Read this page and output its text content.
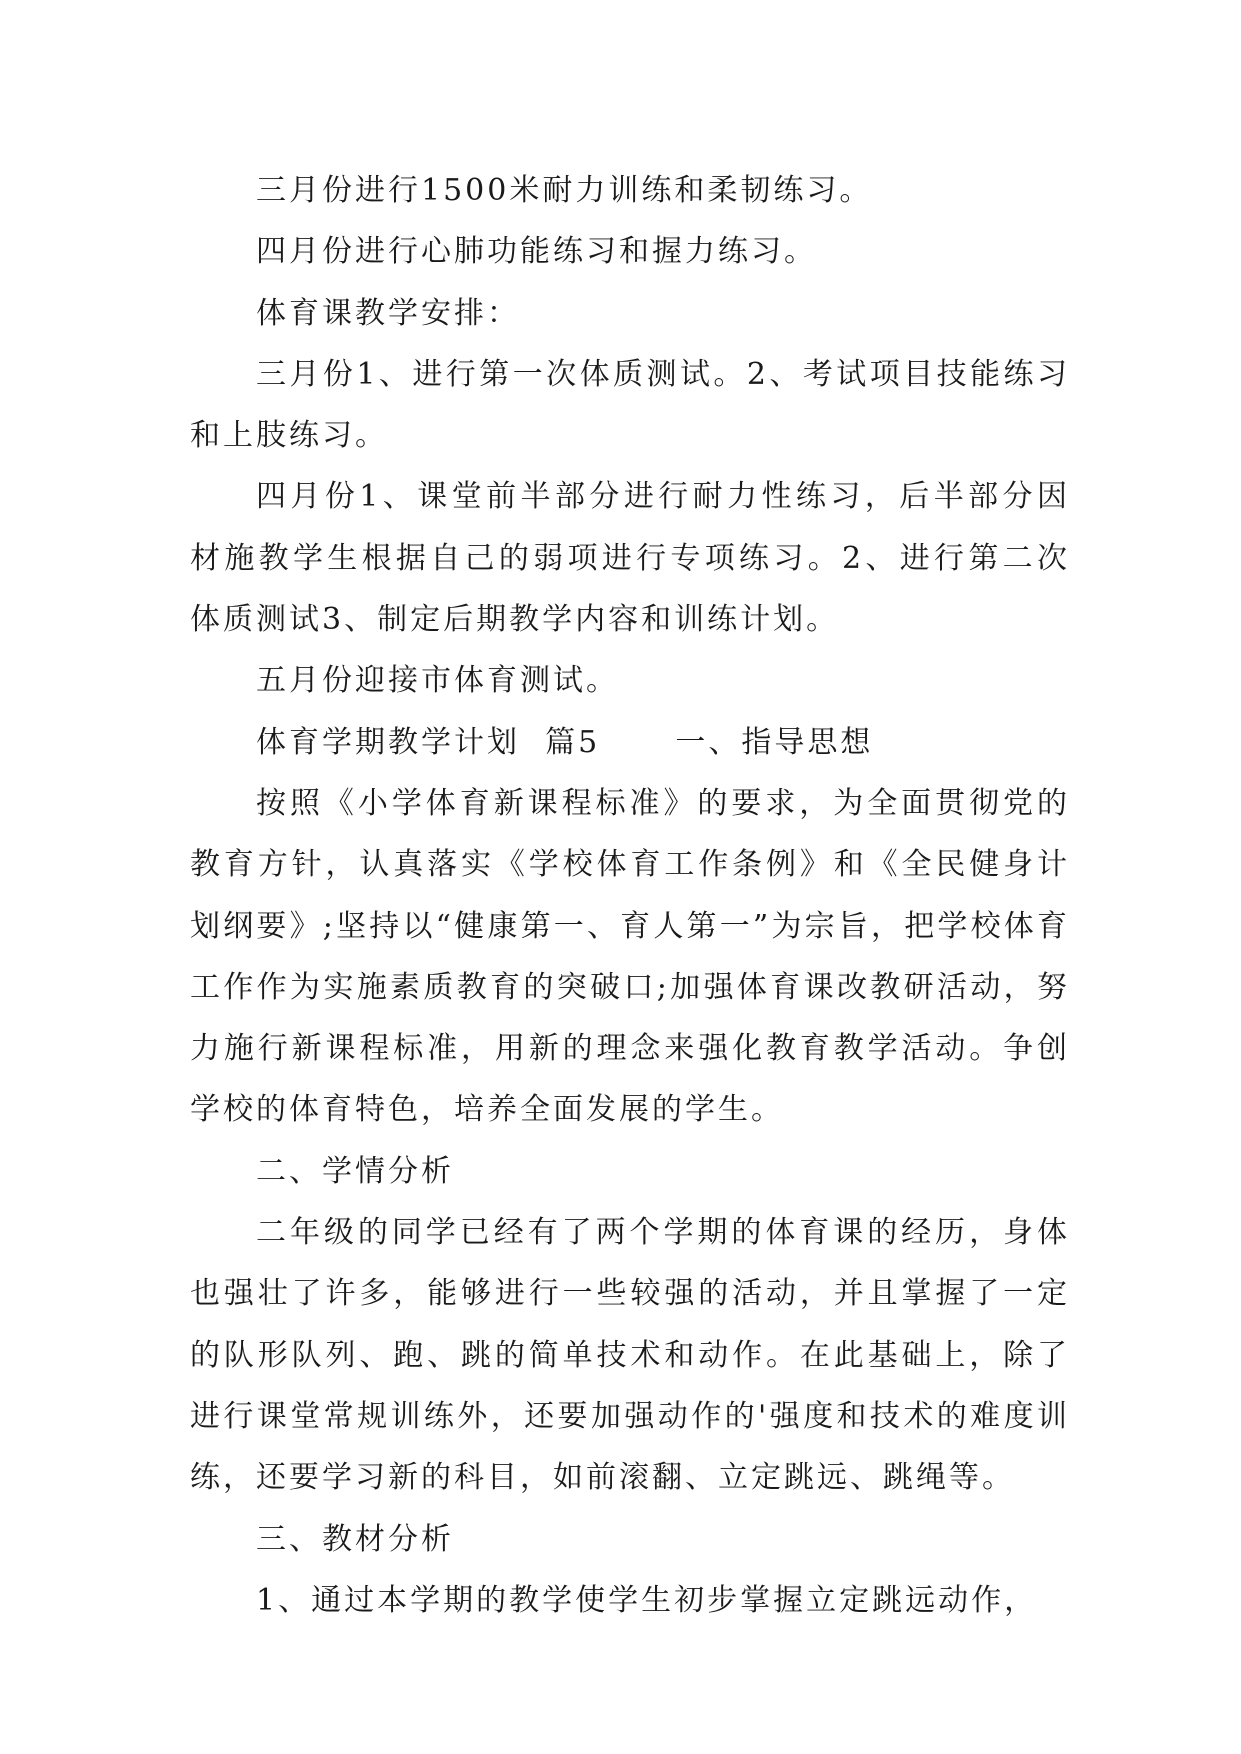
三月份进行1500米耐力训练和柔韧练习。

四月份进行心肺功能练习和握力练习。

体育课教学安排：

三月份1、进行第一次体质测试。2、考试项目技能练习和上肢练习。

四月份1、课堂前半部分进行耐力性练习，后半部分因材施教学生根据自己的弱项进行专项练习。2、进行第二次体质测试3、制定后期教学内容和训练计划。

五月份迎接市体育测试。

体育学期教学计划  篇5      一、指导思想

按照《小学体育新课程标准》的要求，为全面贯彻党的教育方针，认真落实《学校体育工作条例》和《全民健身计划纲要》;坚持以“健康第一、育人第一”为宗旨，把学校体育工作作为实施素质教育的突破口;加强体育课改教研活动，努力施行新课程标准，用新的理念来强化教育教学活动。争创学校的体育特色，培养全面发展的学生。

二、学情分析

二年级的同学已经有了两个学期的体育课的经历，身体也强壮了许多，能够进行一些较强的活动，并且掌握了一定的队形队列、跑、跳的简单技术和动作。在此基础上，除了进行课堂常规训练外，还要加强动作的'强度和技术的难度训练，还要学习新的科目，如前滚翻、立定跳远、跳绳等。

三、教材分析

1、通过本学期的教学使学生初步掌握立定跳远动作，
